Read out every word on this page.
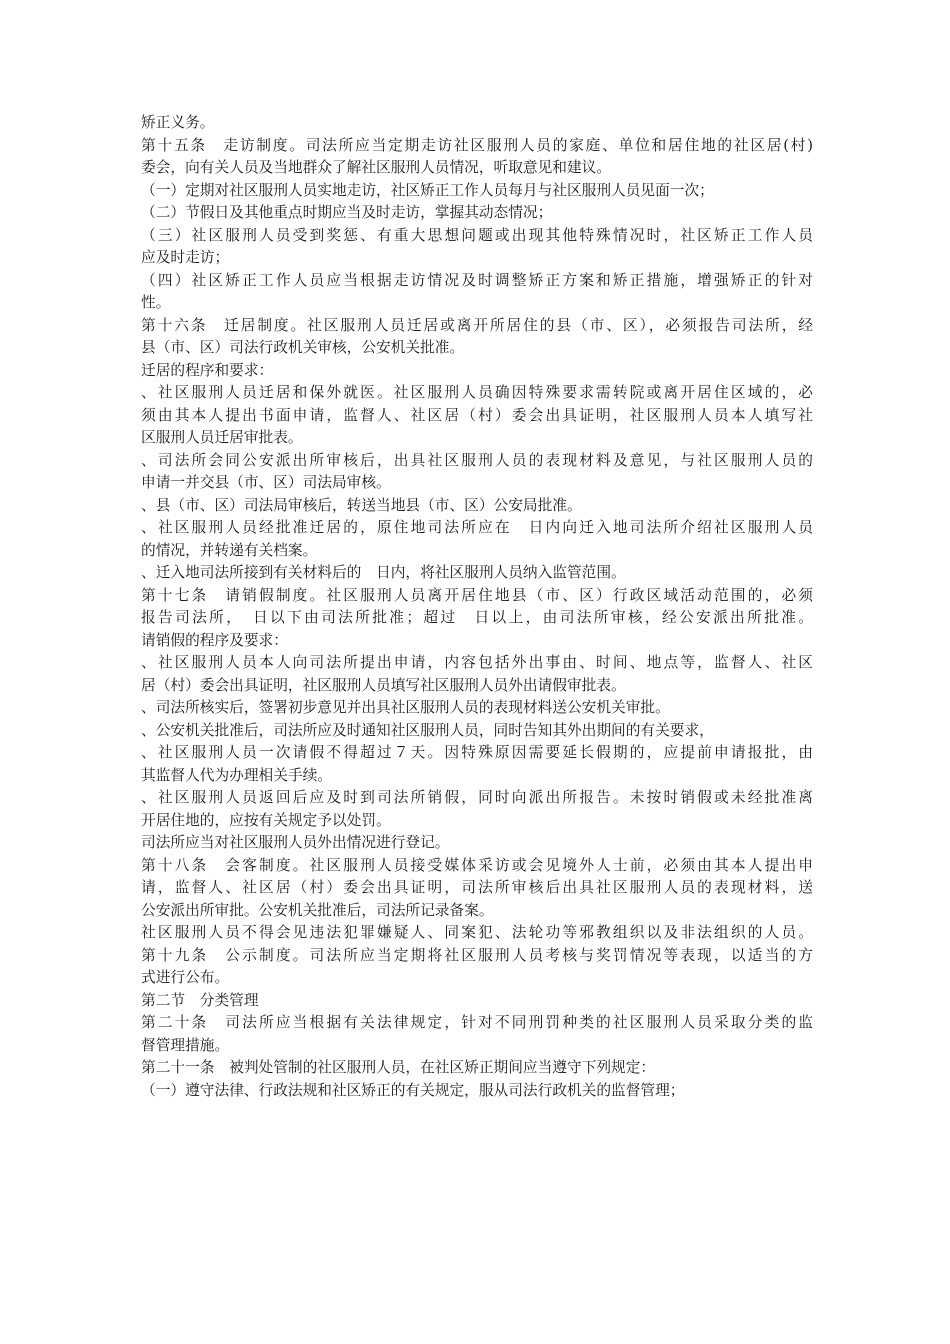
矫正义务。
第十五条　走访制度。司法所应当定期走访社区服刑人员的家庭、单位和居住地的社区居(村)
委会，向有关人员及当地群众了解社区服刑人员情况，听取意见和建议。
（一）定期对社区服刑人员实地走访，社区矫正工作人员每月与社区服刑人员见面一次；
（二）节假日及其他重点时期应当及时走访，掌握其动态情况；
（三）社区服刑人员受到奖惩、有重大思想问题或出现其他特殊情况时，社区矫正工作人员
应及时走访；
（四）社区矫正工作人员应当根据走访情况及时调整矫正方案和矫正措施，增强矫正的针对
性。
第十六条　迁居制度。社区服刑人员迁居或离开所居住的县（市、区），必须报告司法所，经
县（市、区）司法行政机关审核，公安机关批准。
迁居的程序和要求：
、社区服刑人员迁居和保外就医。社区服刑人员确因特殊要求需转院或离开居住区域的，必
须由其本人提出书面申请，监督人、社区居（村）委会出具证明，社区服刑人员本人填写社
区服刑人员迁居审批表。
、司法所会同公安派出所审核后，出具社区服刑人员的表现材料及意见，与社区服刑人员的
申请一并交县（市、区）司法局审核。
、县（市、区）司法局审核后，转送当地县（市、区）公安局批准。
、社区服刑人员经批准迁居的，原住地司法所应在　日内向迁入地司法所介绍社区服刑人员
的情况，并转递有关档案。
、迁入地司法所接到有关材料后的　日内，将社区服刑人员纳入监管范围。
第十七条　请销假制度。社区服刑人员离开居住地县（市、区）行政区域活动范围的，必须
报告司法所，　日以下由司法所批准；超过　日以上，由司法所审核，经公安派出所批准。
请销假的程序及要求：
、社区服刑人员本人向司法所提出申请，内容包括外出事由、时间、地点等，监督人、社区
居（村）委会出具证明，社区服刑人员填写社区服刑人员外出请假审批表。
、司法所核实后，签署初步意见并出具社区服刑人员的表现材料送公安机关审批。
、公安机关批准后，司法所应及时通知社区服刑人员，同时告知其外出期间的有关要求，
、社区服刑人员一次请假不得超过７天。因特殊原因需要延长假期的，应提前申请报批，由
其监督人代为办理相关手续。
、社区服刑人员返回后应及时到司法所销假，同时向派出所报告。未按时销假或未经批准离
开居住地的，应按有关规定予以处罚。
司法所应当对社区服刑人员外出情况进行登记。
第十八条　会客制度。社区服刑人员接受媒体采访或会见境外人士前，必须由其本人提出申
请，监督人、社区居（村）委会出具证明，司法所审核后出具社区服刑人员的表现材料，送
公安派出所审批。公安机关批准后，司法所记录备案。
社区服刑人员不得会见违法犯罪嫌疑人、同案犯、法轮功等邪教组织以及非法组织的人员。
第十九条　公示制度。司法所应当定期将社区服刑人员考核与奖罚情况等表现，以适当的方
式进行公布。
第二节　分类管理
第二十条　司法所应当根据有关法律规定，针对不同刑罚种类的社区服刑人员采取分类的监
督管理措施。
第二十一条　被判处管制的社区服刑人员，在社区矫正期间应当遵守下列规定：
（一）遵守法律、行政法规和社区矫正的有关规定，服从司法行政机关的监督管理；
